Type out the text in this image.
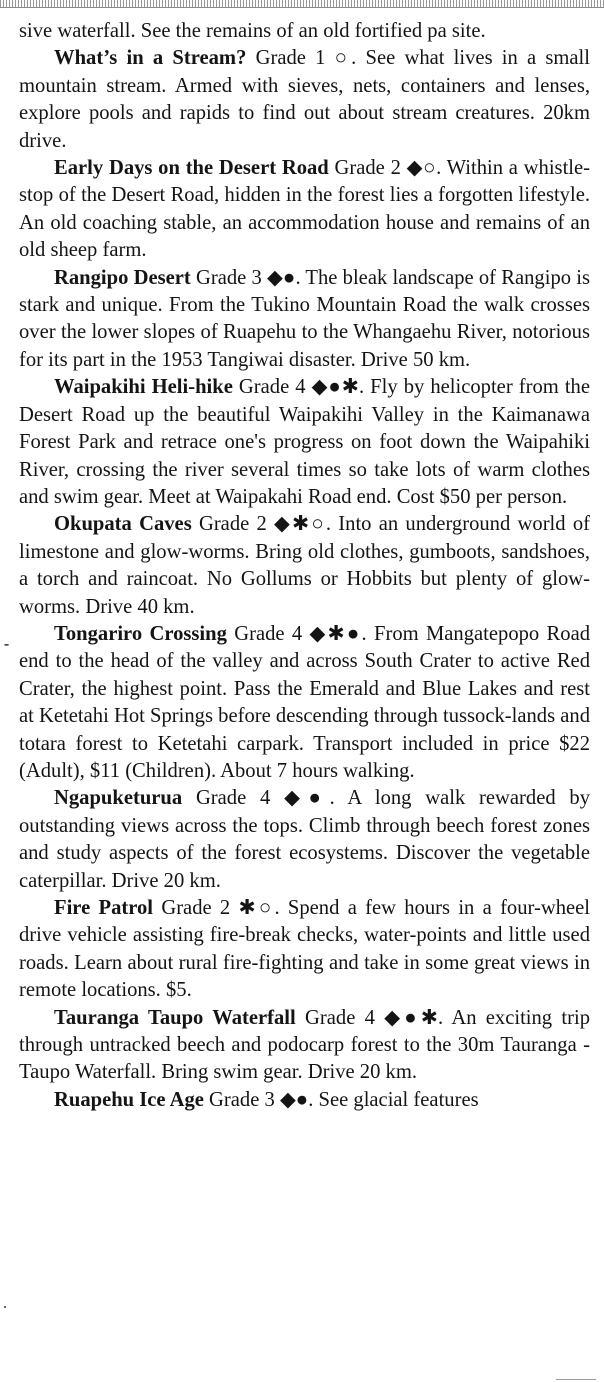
⁃

sive waterfall. See the remains of an old fortified pa site.

What’s in a Stream? Grade 1 ○. See what lives in a small mountain stream. Armed with sieves, nets, containers and lenses, explore pools and rapids to find out about stream creatures. 20km drive.

Early Days on the Desert Road Grade 2 ◆○. Within a whistle-stop of the Desert Road, hidden in the forest lies a forgotten lifestyle. An old coaching stable, an accommodation house and remains of an old sheep farm.

Rangipo Desert Grade 3 ◆●. The bleak landscape of Rangipo is stark and unique. From the Tukino Mountain Road the walk crosses over the lower slopes of Ruapehu to the Whangaehu River, notorious for its part in the 1953 Tangiwai disaster. Drive 50 km.

Waipakihi Heli-hike Grade 4 ◆●✱. Fly by helicopter from the Desert Road up the beautiful Waipakihi Valley in the Kaimanawa Forest Park and retrace one's progress on foot down the Waipahiki River, crossing the river several times so take lots of warm clothes and swim gear. Meet at Waipakahi Road end. Cost $50 per person.

Okupata Caves Grade 2 ◆✱○. Into an underground world of limestone and glow-worms. Bring old clothes, gumboots, sandshoes, a torch and raincoat. No Gollums or Hobbits but plenty of glow-worms. Drive 40 km.

Tongariro Crossing Grade 4 ◆✱●. From Mangatepopo Road end to the head of the valley and across South Crater to active Red Crater, the highest point. Pass the Emerald and Blue Lakes and rest at Ketetahi Hot Springs before descending through tussock-lands and totara forest to Ketetahi carpark. Transport included in price $22 (Adult), $11 (Children). About 7 hours walking.

Ngapuketurua Grade 4 ◆●. A long walk rewarded by outstanding views across the tops. Climb through beech forest zones and study aspects of the forest ecosystems. Discover the vegetable caterpillar. Drive 20 km.

Fire Patrol Grade 2 ✱○. Spend a few hours in a four-wheel drive vehicle assisting fire-break checks, water-points and little used roads. Learn about rural fire-fighting and take in some great views in remote locations. $5.

Tauranga Taupo Waterfall Grade 4 ◆●✱. An exciting trip through untracked beech and podocarp forest to the 30m Tauranga - Taupo Waterfall. Bring swim gear. Drive 20 km.

Ruapehu Ice Age Grade 3 ◆●. See glacial features
